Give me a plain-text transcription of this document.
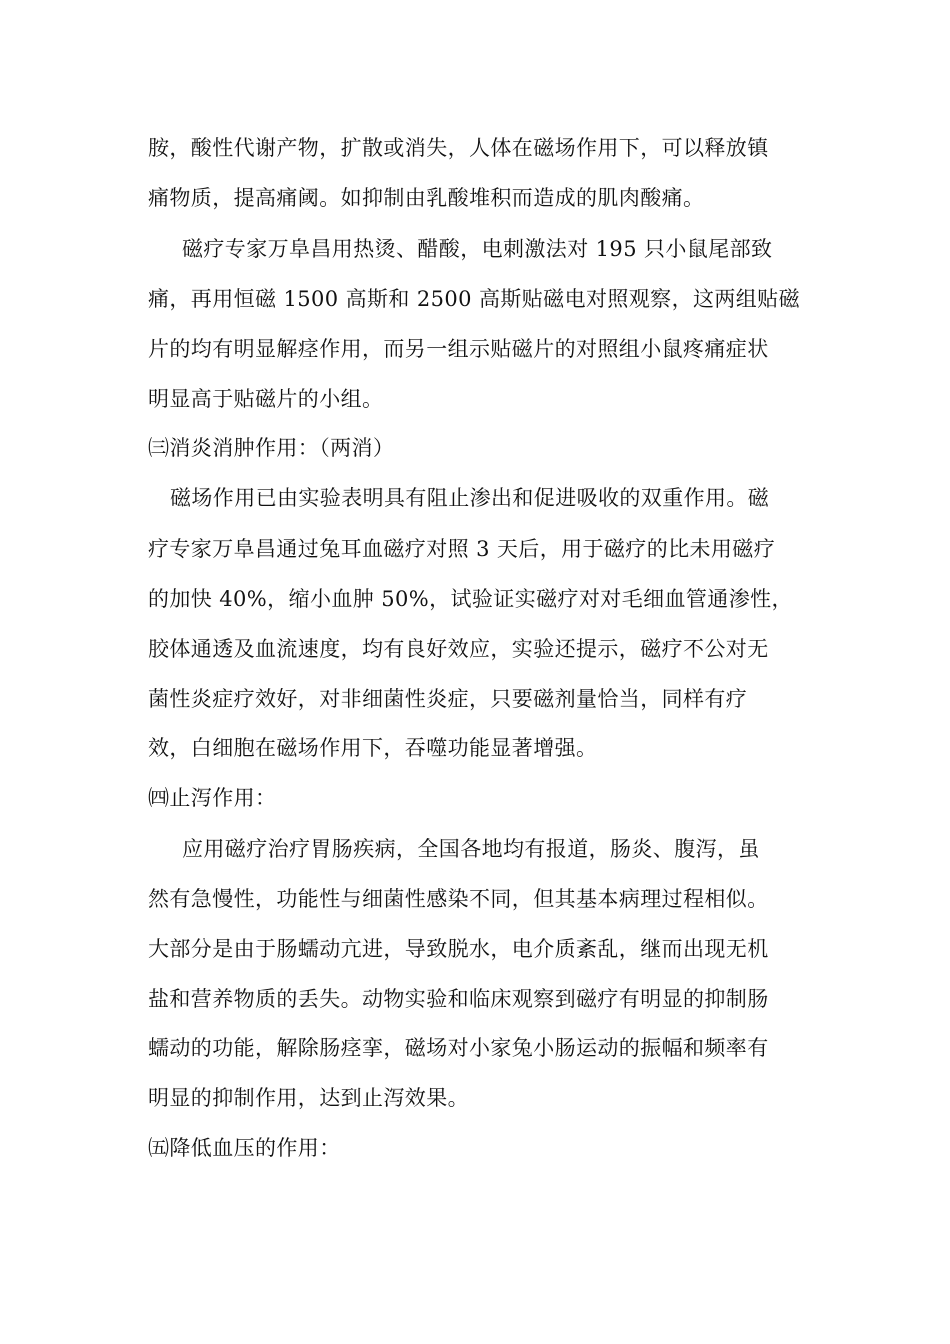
胺，酸性代谢产物，扩散或消失，人体在磁场作用下，可以释放镇
痛物质，提高痛阈。如抑制由乳酸堆积而造成的肌肉酸痛。
磁疗专家万阜昌用热烫、醋酸，电刺激法对 195 只小鼠尾部致
痛，再用恒磁 1500 高斯和 2500 高斯贴磁电对照观察，这两组贴磁
片的均有明显解痉作用，而另一组示贴磁片的对照组小鼠疼痛症状
明显高于贴磁片的小组。
㈢消炎消肿作用：（两消）
磁场作用已由实验表明具有阻止渗出和促进吸收的双重作用。磁
疗专家万阜昌通过兔耳血磁疗对照 3 天后，用于磁疗的比未用磁疗
的加快 40%，缩小血肿 50%，试验证实磁疗对对毛细血管通渗性，
胶体通透及血流速度，均有良好效应，实验还提示，磁疗不公对无
菌性炎症疗效好，对非细菌性炎症，只要磁剂量恰当，同样有疗
效，白细胞在磁场作用下，吞噬功能显著增强。
㈣止泻作用：
应用磁疗治疗胃肠疾病，全国各地均有报道，肠炎、腹泻，虽
然有急慢性，功能性与细菌性感染不同，但其基本病理过程相似。
大部分是由于肠蠕动亢进，导致脱水，电介质紊乱，继而出现无机
盐和营养物质的丢失。动物实验和临床观察到磁疗有明显的抑制肠
蠕动的功能，解除肠痉挛，磁场对小家兔小肠运动的振幅和频率有
明显的抑制作用，达到止泻效果。
㈤降低血压的作用：
